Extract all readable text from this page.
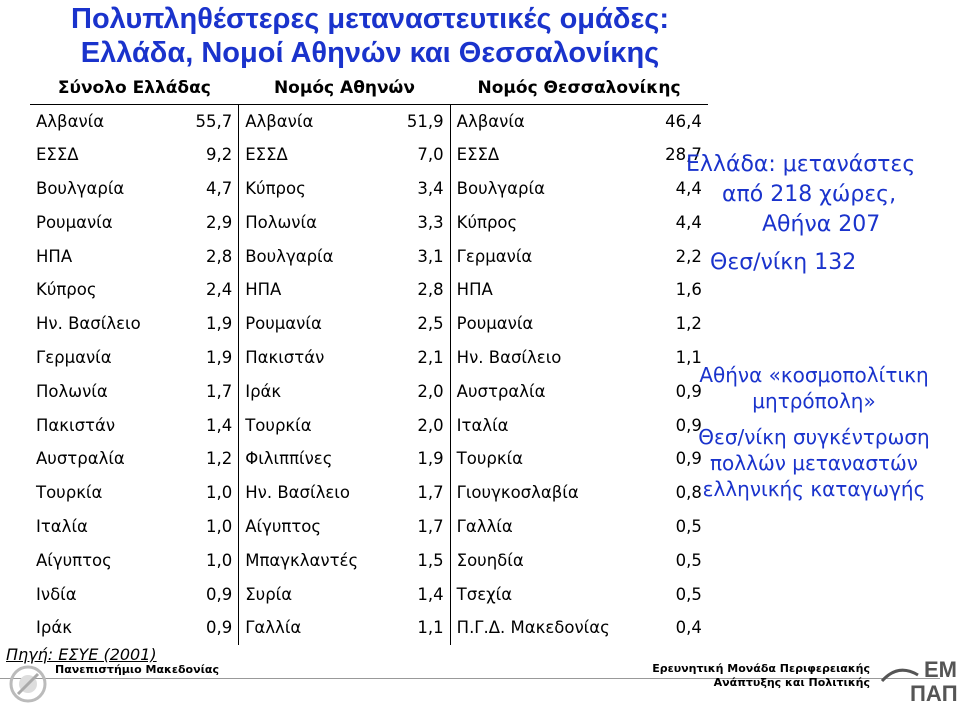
Πολυπληθέστερες μεταναστευτικές ομάδες:
Ελλάδα, Νομοί Αθηνών και Θεσσαλονίκης
Σύνολο Ελλάδας		Νομός Αθηνών		Νομός Θεσσαλονίκης	
Αλβανία	55,7	Αλβανία	51,9	Αλβανία	46,4
ΕΣΣΔ	9,2	ΕΣΣΔ	7,0	ΕΣΣΔ	28,7
Βουλγαρία	4,7	Κύπρος	3,4	Βουλγαρία	4,4
Ρουμανία	2,9	Πολωνία	3,3	Κύπρος	4,4
ΗΠΑ	2,8	Βουλγαρία	3,1	Γερμανία	2,2
Κύπρος	2,4	ΗΠΑ	2,8	ΗΠΑ	1,6
Ην. Βασίλειο	1,9	Ρουμανία	2,5	Ρουμανία	1,2
Γερμανία	1,9	Πακιστάν	2,1	Ην. Βασίλειο	1,1
Πολωνία	1,7	Ιράκ	2,0	Αυστραλία	0,9
Πακιστάν	1,4	Τουρκία	2,0	Ιταλία	0,9
Αυστραλία	1,2	Φιλιππίνες	1,9	Τουρκία	0,9
Τουρκία	1,0	Ην. Βασίλειο	1,7	Γιουγκοσλαβία	0,8
Ιταλία	1,0	Αίγυπτος	1,7	Γαλλία	0,5
Αίγυπτος	1,0	Μπαγκλαντές	1,5	Σουηδία	0,5
Ινδία	0,9	Συρία	1,4	Τσεχία	0,5
Ιράκ	0,9	Γαλλία	1,1	Π.Γ.Δ. Μακεδονίας	0,4
Ελλάδα: μετανάστες
από 218 χώρες,
Αθήνα 207
Θεσ/νίκη 132
Αθήνα «κοσμοπολίτικη
μητρόπολη»
Θεσ/νίκη συγκέντρωση
πολλών μεταναστών
ελληνικής καταγωγής
Πηγή: ΕΣΥΕ (2001)
Πανεπιστήμιο Μακεδονίας	Ερευνητική Μονάδα Περιφερειακής
Ανάπτυξης και Πολιτικής
ΕΜ
ΠΑΠ
